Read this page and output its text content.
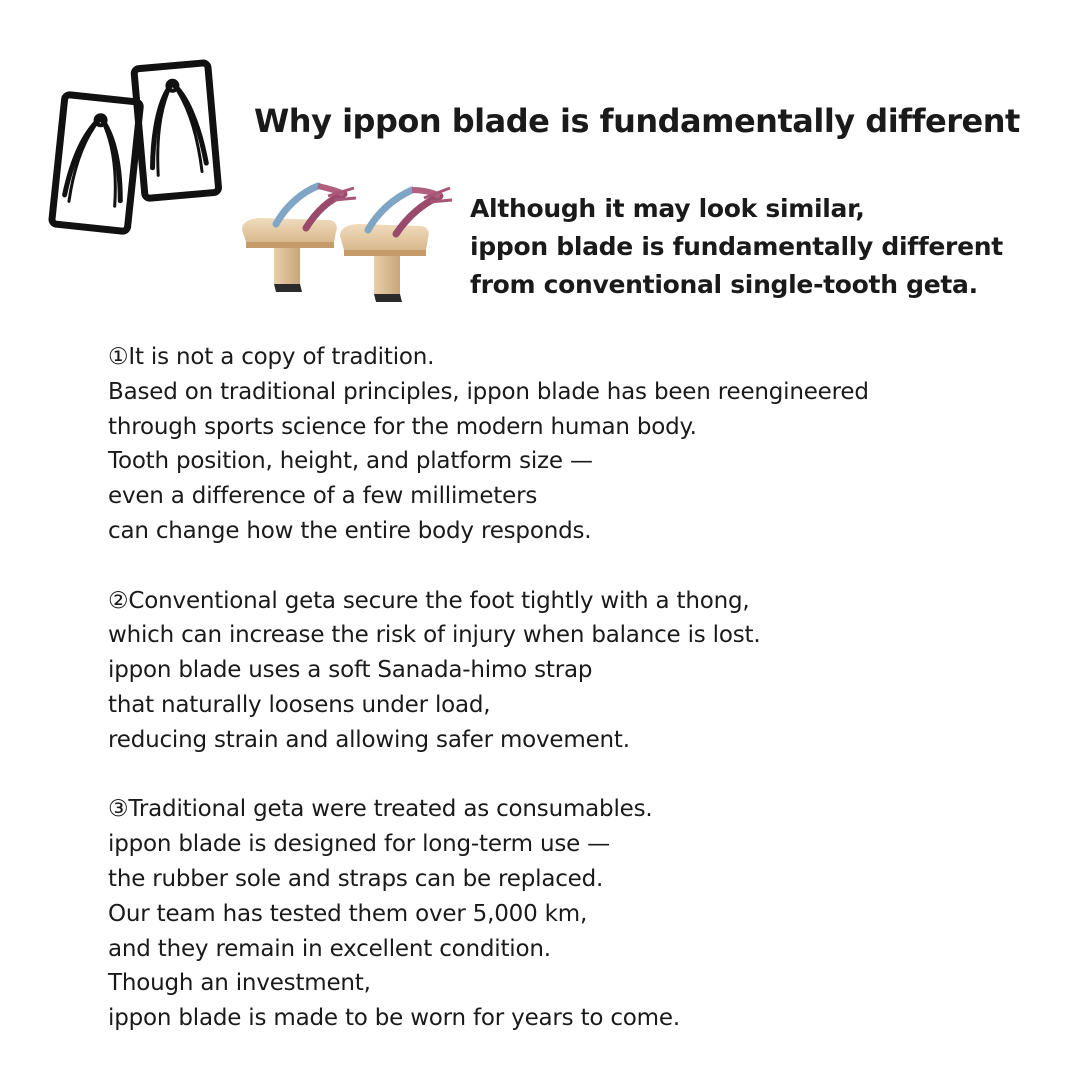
Why ippon blade is fundamentally different

Although it may look similar,
ippon blade is fundamentally different
from conventional single-tooth geta.

①It is not a copy of tradition.
Based on traditional principles, ippon blade has been reengineered
through sports science for the modern human body.
Tooth position, height, and platform size —
even a difference of a few millimeters
can change how the entire body responds.
②Conventional geta secure the foot tightly with a thong,
which can increase the risk of injury when balance is lost.
ippon blade uses a soft Sanada-himo strap
that naturally loosens under load,
reducing strain and allowing safer movement.
③Traditional geta were treated as consumables.
ippon blade is designed for long-term use —
the rubber sole and straps can be replaced.
Our team has tested them over 5,000 km,
and they remain in excellent condition.
Though an investment,
ippon blade is made to be worn for years to come.
